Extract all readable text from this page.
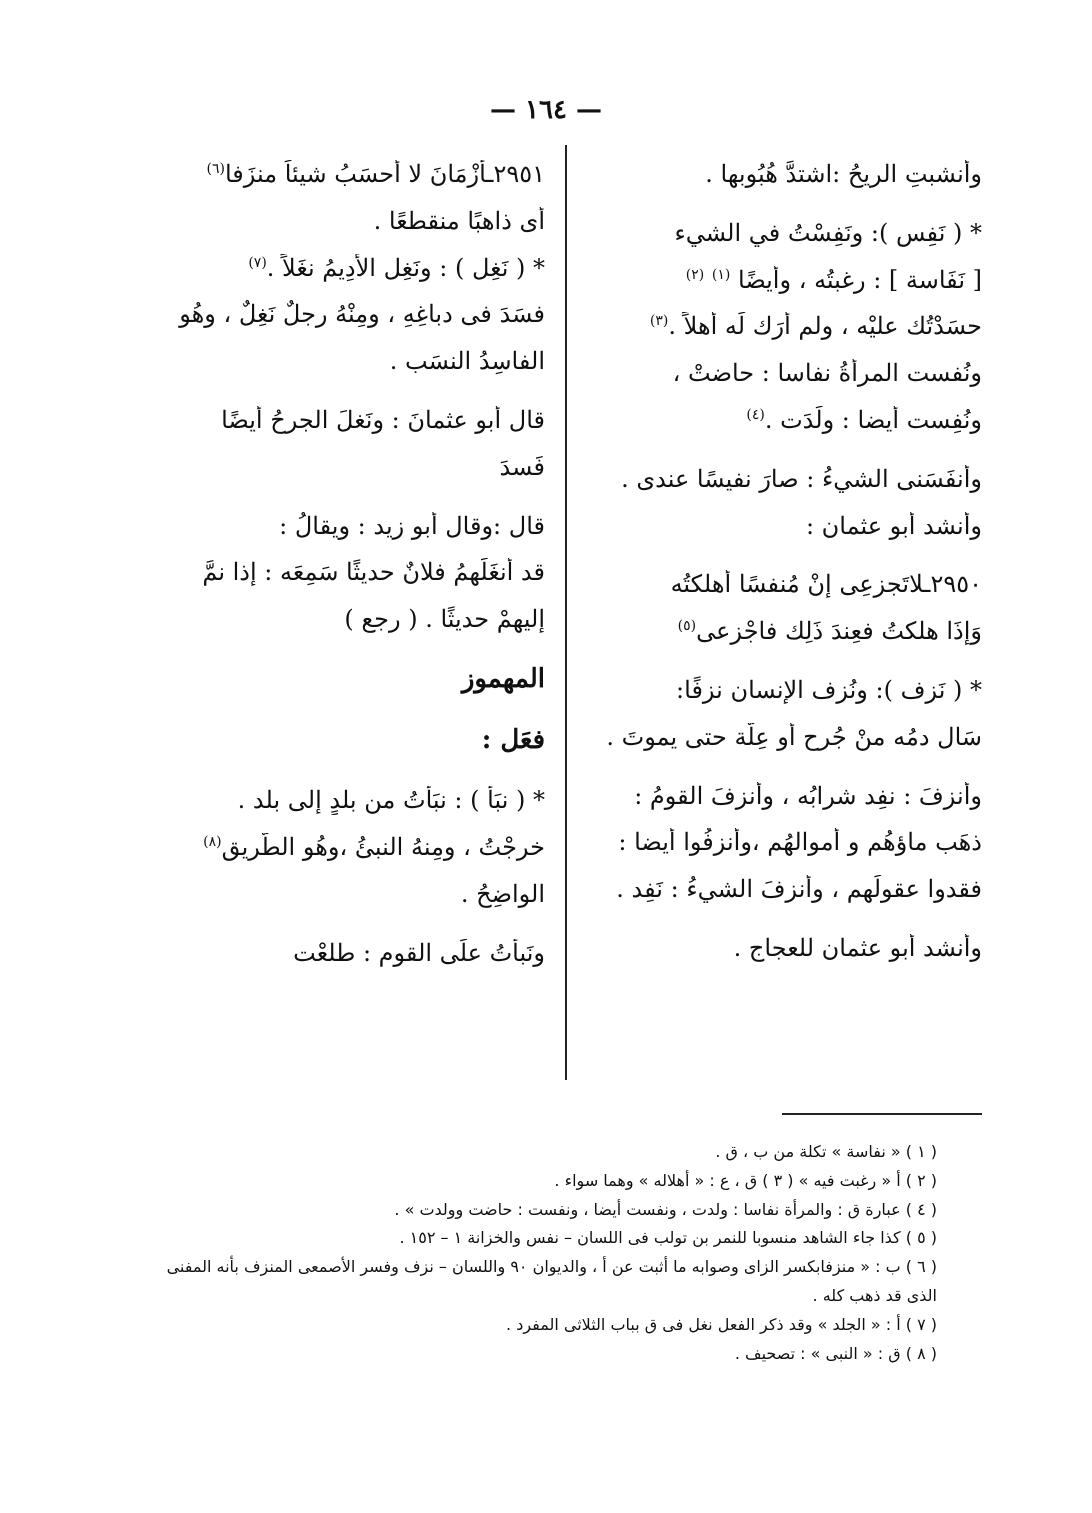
— ١٦٤ —
وأنشبتِ الريحُ :اشتدَّ هُبُوبها .
* ( نَفِس ): ونَفِسْتُ في الشيء
[ نَفَاسة ] : رغبتُه ، وأيضًا $^{(١)}$ $^{(٢)}$
حسَدْتُك عليْه ، ولم أرَك لَه أهلاً .$^{(٣)}$
ونُفست المرأةُ نفاسا : حاضتْ ،
ونُفِست أيضا : ولَدَت .$^{(٤)}$
وأنفَسَنى الشيءُ : صارَ نفيسًا عندى .
وأنشد أبو عثمان :
٢٩٥٠ـلاتَجزعِى إنْ مُنفسًا أهلكتُه
وَإذَا هلكتُ فعِندَ ذَلِك فاجْزعى$^{(٥)}$
* ( نَزف ): ونُزف الإنسان نزفًا:
سَال دمُه منْ جُرحٍ أو عِلَّة حتى يموتَ .
وأنزفَ : نفِد شرابُه ، وأنزفَ القومُ :
ذهَب ماؤهُم و أموالهُم ،وأنزفُوا أيضا :
فقدوا عقولَهم ، وأنزفَ الشيءُ : نَفِد .
وأنشد أبو عثمان للعجاج .
٢٩٥١ـأزْمَانَ لا أَحسَبُ شيئاً منزَفا$^{(٦)}$
أى ذاهبًا منقطعًا .
* ( نَغِل ) : ونَغِل الأَدِيمُ نغَلاً .$^{(٧)}$
فسَدَ فى دباغِهِ ، ومِنْهُ رجلٌ نَغِلٌ ، وهُو
الفاسِدُ النسَب .
قال أبو عثمانَ : ونَغلَ الجرحُ أيضًا
فَسدَ
قال :وقال أبو زيد : ويقالُ :
قد أنغَلَهمُ فلانٌ حديثًا سَمِعَه : إذا نمَّ
إليهِمْ حديثًا . ( رجع )
المهموز
فعَل :
* ( نبَأَ ) : نبَأْتُ من بلدٍ إلى بلد .
خرجْتُ ، ومِنهُ النبئُ ،وهُو الطَّريق$^{(٨)}$
الواضِحُ .
ونَبأْتُ علَى القومِ : طلعْت
( ١ ) « نفاسة » تكلة من ب ، ق .
( ٢ ) أ « رغبت فيه » ( ٣ ) ق ، ع : « أهلاله » وهما سواء .
( ٤ ) عبارة ق : والمرأة نفاسا : ولدت ، ونفست أيضا ، ونفست : حاضت وولدت » .
( ٥ ) كذا جاء الشاهد منسوبا للنمر بن تولب فى اللسان – نفس والخزانة ١ – ١٥٢ .
( ٦ ) ب : « منزفابكسر الزاى وصوابه ما أثبت عن أ ، والديوان ٩٠ واللسان – نزف وفسر الأصمعى المنزف بأنه المفنى الذى قد ذهب كله .
( ٧ ) أ : « الجلد » وقد ذكر الفعل نغل فى ق بباب الثلاثى المفرد .
( ٨ ) ق : « النبى » : تصحيف .
